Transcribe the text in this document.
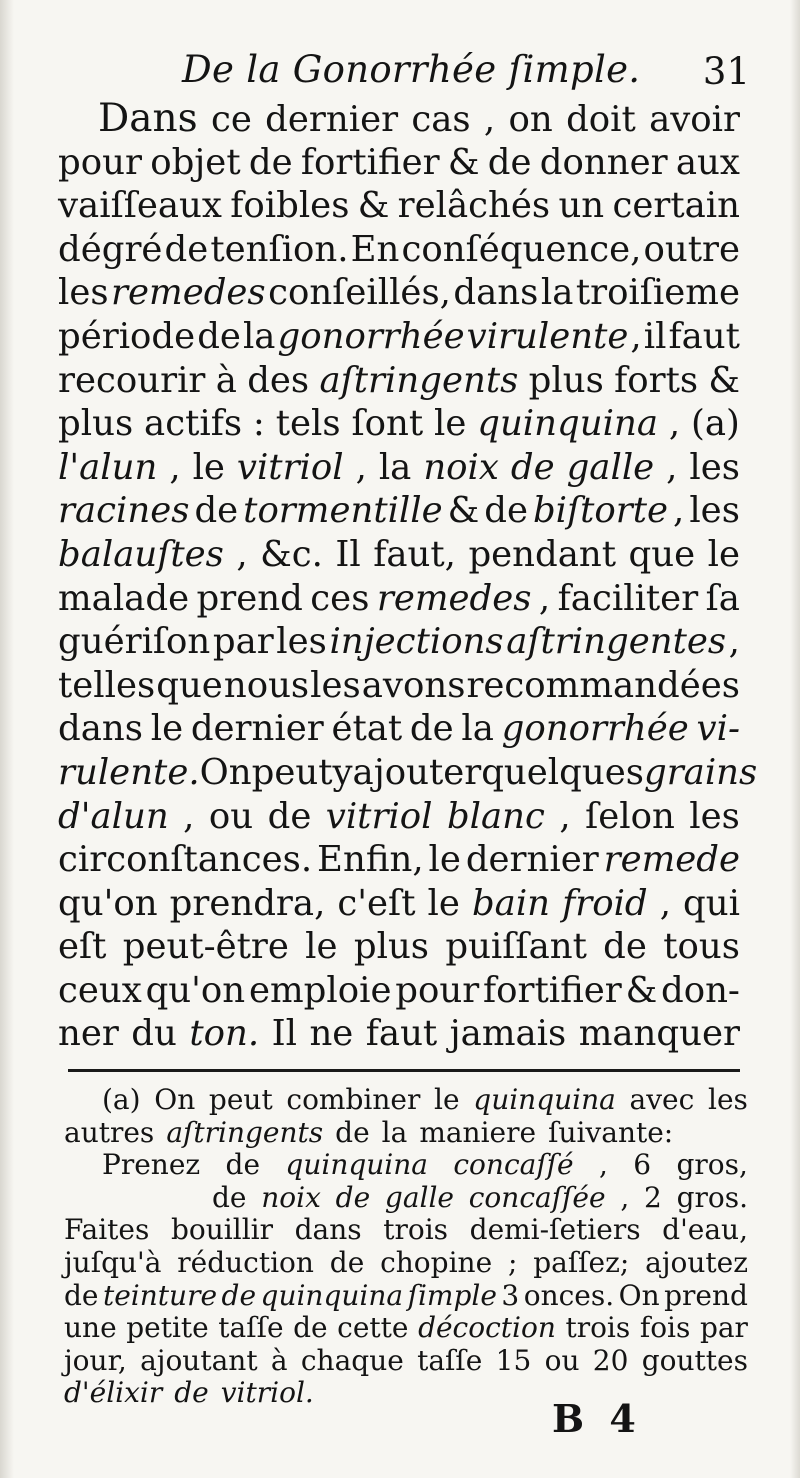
De la Gonorrhée ſimple. 31
Dans ce dernier cas , on doit avoir
pour objet de fortifier & de donner aux
vaiſſeaux foibles & relâchés un certain
dégré de tenſion. En conſéquence, outre
les remedes conſeillés, dans la troiſieme
période de la gonorrhée virulente , il faut
recourir à des aſtringents plus forts &
plus actifs : tels ſont le quinquina , (a)
l'alun , le vitriol , la noix de galle , les
racines de tormentille & de biſtorte , les
balauſtes , &c. Il faut, pendant que le
malade prend ces remedes , faciliter ſa
guériſon par les injections aſtringentes ,
telles que nous les avons recommandées
dans le dernier état de la gonorrhée vi-
rulente. On peut y ajouter quelques grains
d'alun , ou de vitriol blanc , ſelon les
circonſtances. Enfin, le dernier remede
qu'on prendra, c'eſt le bain froid , qui
eſt peut-être le plus puiſſant de tous
ceux qu'on emploie pour fortifier & don-
ner du ton. Il ne faut jamais manquer
(a) On peut combiner le quinquina avec les
autres aſtringents de la maniere ſuivante:
Prenez de quinquina concaſſé , 6 gros,
de noix de galle concaſſée , 2 gros.
Faites bouillir dans trois demi-ſetiers d'eau,
juſqu'à réduction de chopine ; paſſez; ajoutez
de teinture de quinquina ſimple 3 onces. On prend
une petite taſſe de cette décoction trois fois par
jour, ajoutant à chaque taſſe 15 ou 20 gouttes
d'élixir de vitriol.
B 4
